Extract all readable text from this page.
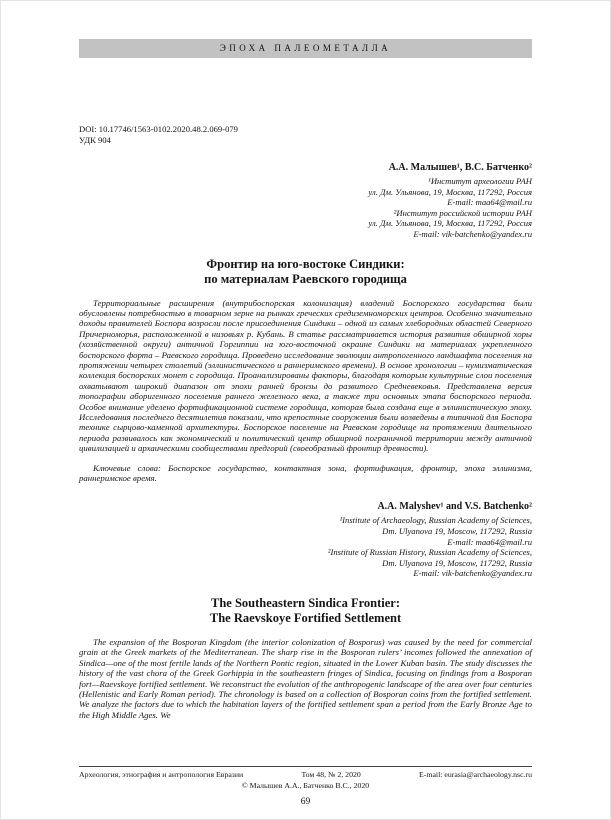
ЭПОХА ПАЛЕОМЕТАЛЛА
DOI: 10.17746/1563-0102.2020.48.2.069-079
УДК 904
А.А. Малышев¹, В.С. Батченко²
¹Институт археологии РАН
ул. Дм. Ульянова, 19, Москва, 117292, Россия
E-mail: maa64@mail.ru
²Институт российской истории РАН
ул. Дм. Ульянова, 19, Москва, 117292, Россия
E-mail: vik-batchenko@yandex.ru
Фронтир на юго-востоке Синдики:
по материалам Раевского городища
Территориальные расширения (внутрибоспорская колонизация) владений Боспорского государства были обусловлены потребностью в товарном зерне на рынках греческих средиземноморских центров. Особенно значительно доходы правителей Боспора возросли после присоединения Синдики – одной из самых хлебородных областей Северного Причерноморья, расположенной в низовьях р. Кубань. В статье рассматривается история развития обширной хоры (хозяйственной округи) античной Горгиппии на юго-восточной окраине Синдики на материалах укрепленного боспорского форта – Раевского городища. Проведено исследование эволюции антропогенного ландшафта поселения на протяжении четырех столетий (эллинистического и раннеримского времени). В основе хронологии – нумизматическая коллекция боспорских монет с городища. Проанализированы факторы, благодаря которым культурные слои поселения охватывают широкий диапазон от эпохи ранней бронзы до развитого Средневековья. Представлена версия топографии аборигенного поселения раннего железного века, а также три основных этапа боспорского периода. Особое внимание уделено фортификационной системе городища, которая была создана еще в эллинистическую эпоху. Исследования последнего десятилетия показали, что крепостные сооружения были возведены в типичной для Боспора технике сырцово-каменной архитектуры. Боспорское поселение на Раевском городище на протяжении длительного периода развивалось как экономический и политический центр обширной пограничной территории между античной цивилизацией и архаическими сообществами предгорий (своеобразный фронтир древности).
Ключевые слова: Боспорское государство, контактная зона, фортификация, фронтир, эпоха эллинизма, раннеримское время.
A.A. Malyshev¹ and V.S. Batchenko²
¹Institute of Archaeology, Russian Academy of Sciences,
Dm. Ulyanova 19, Moscow, 117292, Russia
E-mail: maa64@mail.ru
²Institute of Russian History, Russian Academy of Sciences,
Dm. Ulyanova 19, Moscow, 117292, Russia
E-mail: vik-batchenko@yandex.ru
The Southeastern Sindica Frontier:
The Raevskoye Fortified Settlement
The expansion of the Bosporan Kingdom (the interior colonization of Bosporus) was caused by the need for commercial grain at the Greek markets of the Mediterranean. The sharp rise in the Bosporan rulers’ incomes followed the annexation of Sindica—one of the most fertile lands of the Northern Pontic region, situated in the Lower Kuban basin. The study discusses the history of the vast chora of the Greek Gorhippia in the southeastern fringes of Sindica, focusing on findings from a Bosporan fort—Raevskoye fortified settlement. We reconstruct the evolution of the anthropogenic landscape of the area over four centuries (Hellenistic and Early Roman period). The chronology is based on a collection of Bosporan coins from the fortified settlement. We analyze the factors due to which the habitation layers of the fortified settlement span a period from the Early Bronze Age to the High Middle Ages. We
Археология, этнография и антропология Евразии	Том 48, № 2, 2020	E-mail: eurasia@archaeology.nsc.ru
© Малышев А.А., Батченко В.С., 2020
69
